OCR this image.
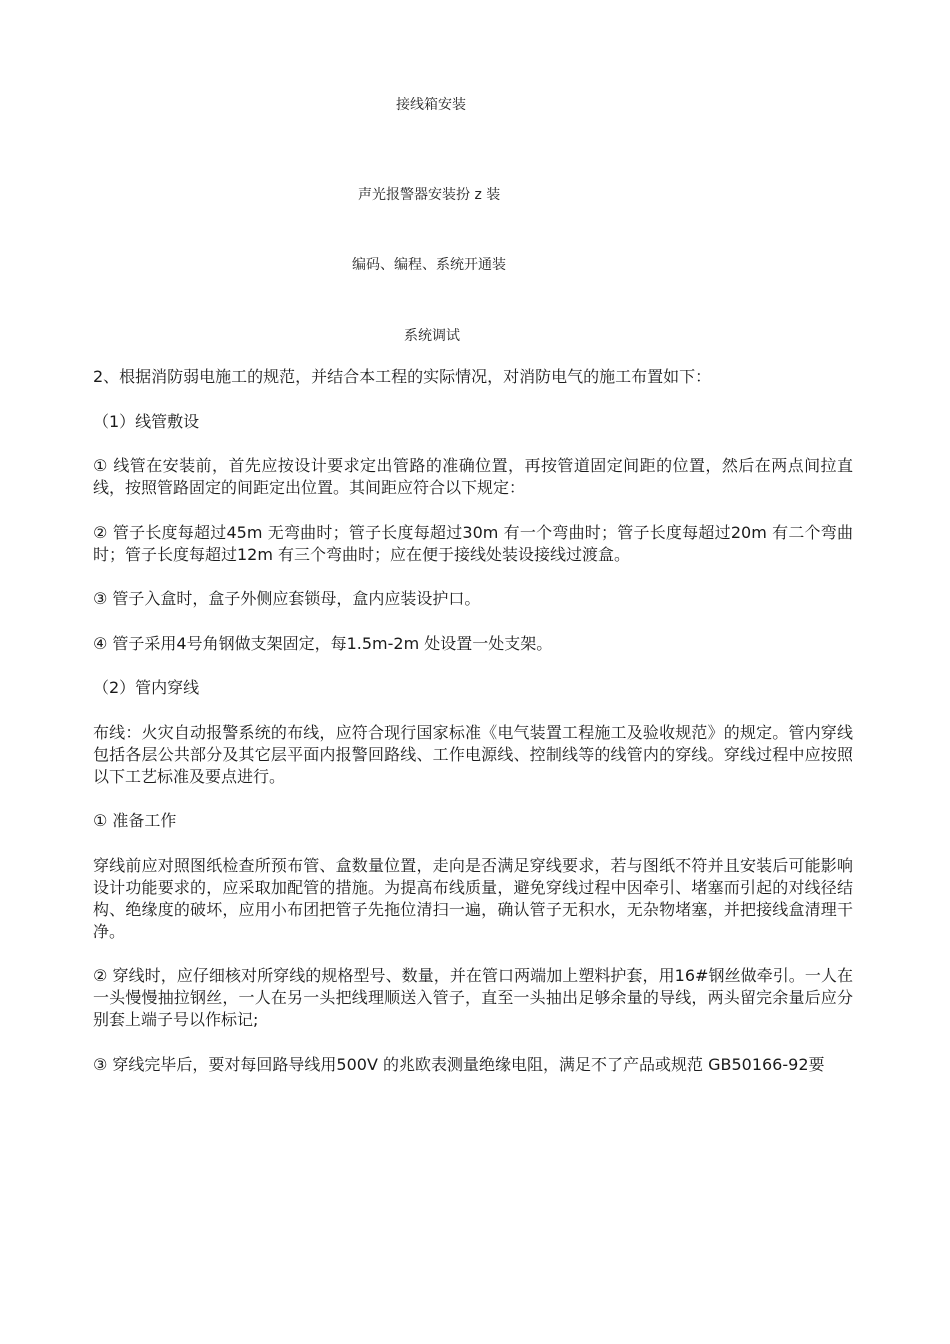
接线箱安装
声光报警器安装扮 z 装
编码、编程、系统开通装
系统调试

2、根据消防弱电施工的规范，并结合本工程的实际情况，对消防电气的施工布置如下：

（1）线管敷设

① 线管在安装前，首先应按设计要求定出管路的准确位置，再按管道固定间距的位置，然后在两点间拉直线，按照管路固定的间距定出位置。其间距应符合以下规定：

② 管子长度每超过45m 无弯曲时；管子长度每超过30m 有一个弯曲时；管子长度每超过20m 有二个弯曲时；管子长度每超过12m 有三个弯曲时；应在便于接线处装设接线过渡盒。

③ 管子入盒时，盒子外侧应套锁母，盒内应装设护口。

④ 管子采用4号角钢做支架固定，每1.5m-2m 处设置一处支架。

（2）管内穿线

布线：火灾自动报警系统的布线，应符合现行国家标准《电气装置工程施工及验收规范》的规定。管内穿线包括各层公共部分及其它层平面内报警回路线、工作电源线、控制线等的线管内的穿线。穿线过程中应按照以下工艺标准及要点进行。

① 准备工作

穿线前应对照图纸检查所预布管、盒数量位置，走向是否满足穿线要求，若与图纸不符并且安装后可能影响设计功能要求的，应采取加配管的措施。为提高布线质量，避免穿线过程中因牵引、堵塞而引起的对线径结构、绝缘度的破坏，应用小布团把管子先拖位清扫一遍，确认管子无积水，无杂物堵塞，并把接线盒清理干净。

② 穿线时，应仔细核对所穿线的规格型号、数量，并在管口两端加上塑料护套，用16#钢丝做牵引。一人在一头慢慢抽拉钢丝，一人在另一头把线理顺送入管子，直至一头抽出足够余量的导线，两头留完余量后应分别套上端子号以作标记;

③ 穿线完毕后，要对每回路导线用500V 的兆欧表测量绝缘电阻，满足不了产品或规范 GB50166-92要
